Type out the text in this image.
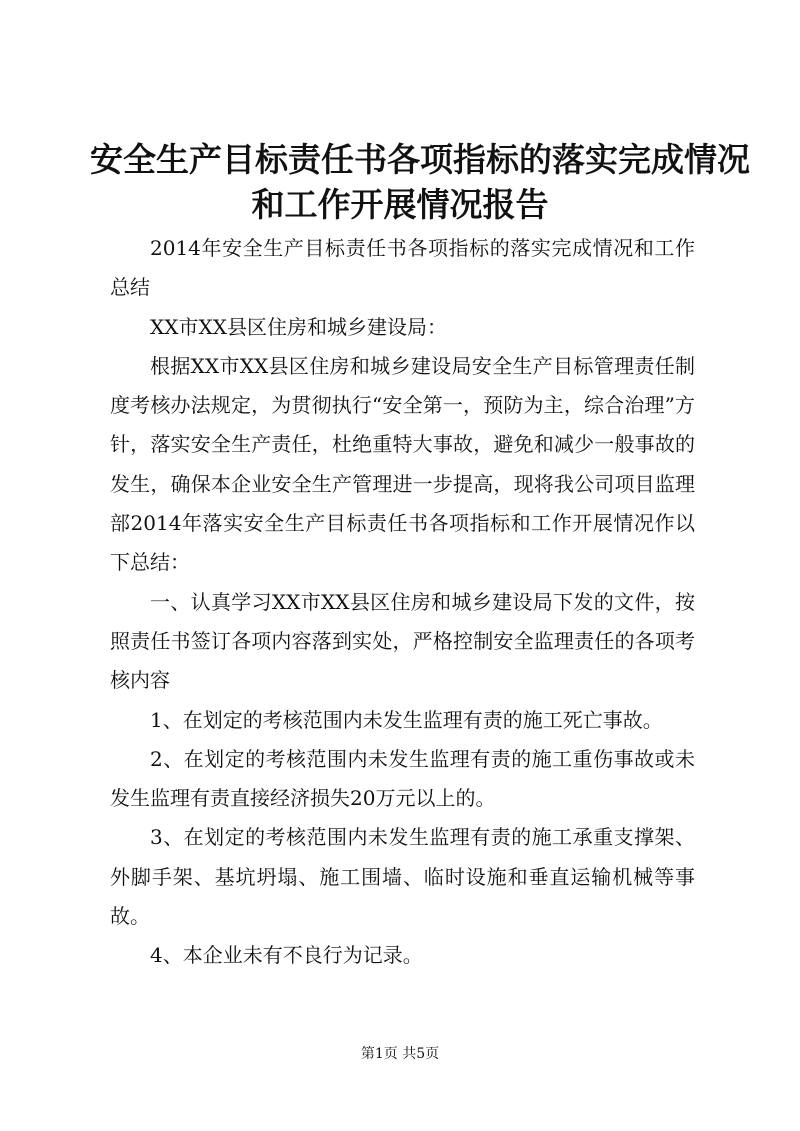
安全生产目标责任书各项指标的落实完成情况
和工作开展情况报告

2014年安全生产目标责任书各项指标的落实完成情况和工作总结

XX市XX县区住房和城乡建设局：

根据XX市XX县区住房和城乡建设局安全生产目标管理责任制度考核办法规定，为贯彻执行“安全第一，预防为主，综合治理”方针，落实安全生产责任，杜绝重特大事故，避免和减少一般事故的发生，确保本企业安全生产管理进一步提高，现将我公司项目监理部2014年落实安全生产目标责任书各项指标和工作开展情况作以下总结：

一、认真学习XX市XX县区住房和城乡建设局下发的文件，按照责任书签订各项内容落到实处，严格控制安全监理责任的各项考核内容

1、在划定的考核范围内未发生监理有责的施工死亡事故。

2、在划定的考核范围内未发生监理有责的施工重伤事故或未发生监理有责直接经济损失20万元以上的。

3、在划定的考核范围内未发生监理有责的施工承重支撑架、外脚手架、基坑坍塌、施工围墙、临时设施和垂直运输机械等事故。

4、本企业未有不良行为记录。

第1页 共5页
